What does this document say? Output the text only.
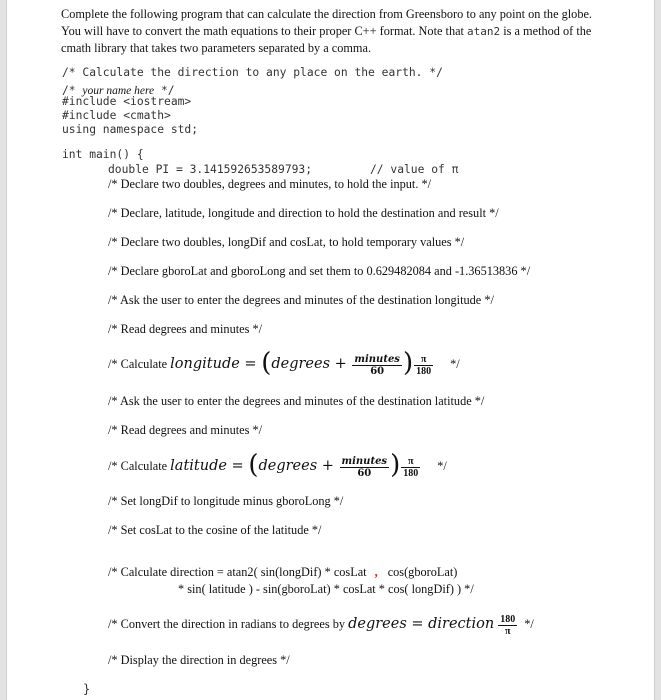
Complete the following program that can calculate the direction from Greensboro to any point on the globe. You will have to convert the math equations to their proper C++ format. Note that atan2 is a method of the cmath library that takes two parameters separated by a comma.
/* Calculate the direction to any place on the earth. */
/* your name here */
#include <iostream>
#include <cmath>
using namespace std;
int main() {
double PI = 3.141592653589793;	// value of π
/* Declare two doubles, degrees and minutes, to hold the input. */
/* Declare, latitude, longitude and direction to hold the destination and result */
/* Declare two doubles, longDif and cosLat, to hold temporary values */
/* Declare gboroLat and gboroLong and set them to 0.629482084 and -1.36513836 */
/* Ask the user to enter the degrees and minutes of the destination longitude */
/* Read degrees and minutes */
/* Calculate longitude = (degrees + $\frac{\text{minutes}}{60}$ ) $\frac{\pi}{180}$ */
/* Ask the user to enter the degrees and minutes of the destination latitude */
/* Read degrees and minutes */
/* Calculate latitude = (degrees + $\frac{\text{minutes}}{60}$ ) $\frac{\pi}{180}$ */
/* Set longDif to longitude minus gboroLong */
/* Set cosLat to the cosine of the latitude */
/* Calculate direction = atan2( sin(longDif) * cosLat , cos(gboroLat)
* sin( latitude ) - sin(gboroLat) * cosLat * cos( longDif) ) */
/* Convert the direction in radians to degrees by degrees = direction $\frac{180}{\pi}$ */
/* Display the direction in degrees */
}
